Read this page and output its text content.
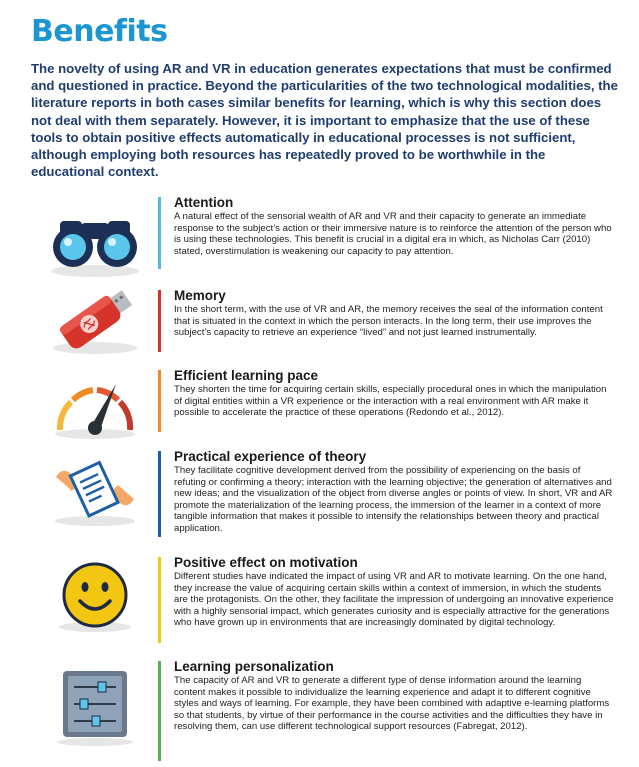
Benefits

The novelty of using AR and VR in education generates expectations that must be confirmed and questioned in practice. Beyond the particularities of the two technological modalities, the literature reports in both cases similar benefits for learning, which is why this section does not deal with them separately. However, it is important to emphasize that the use of these tools to obtain positive effects automatically in educational processes is not sufficient, although employing both resources has repeatedly proved to be worthwhile in the educational context.

Attention

A natural effect of the sensorial wealth of AR and VR and their capacity to generate an immediate response to the subject’s action or their immersive nature is to reinforce the attention of the person who is using these technologies. This benefit is crucial in a digital era in which, as Nicholas Carr (2010) stated, overstimulation is weakening our capacity to pay attention.

Memory

In the short term, with the use of VR and AR, the memory receives the seal of the information content that is situated in the context in which the person interacts. In the long term, their use improves the subject’s capacity to retrieve an experience “lived” and not just learned instrumentally.

Efficient learning pace

They shorten the time for acquiring certain skills, especially procedural ones in which the manipulation of digital entities within a VR experience or the interaction with a real environment with AR make it possible to accelerate the practice of these operations (Redondo et al., 2012).

Practical experience of theory

They facilitate cognitive development derived from the possibility of experiencing on the basis of refuting or confirming a theory; interaction with the learning objective; the generation of alternatives and new ideas; and the visualization of the object from diverse angles or points of view. In short, VR and AR promote the materialization of the learning process, the immersion of the learner in a context of more tangible information that makes it possible to intensify the relationships between theory and practical application.

Positive effect on motivation

Different studies have indicated the impact of using VR and AR to motivate learning. On the one hand, they increase the value of acquiring certain skills within a context of immersion, in which the students are the protagonists. On the other, they facilitate the impression of undergoing an innovative experience with a highly sensorial impact, which generates curiosity and is especially attractive for the generations who have grown up in environments that are increasingly dominated by digital technology.

Learning personalization

The capacity of AR and VR to generate a different type of dense information around the learning content makes it possible to individualize the learning experience and adapt it to different cognitive styles and ways of learning. For example, they have been combined with adaptive e-learning platforms so that students, by virtue of their performance in the course activities and the difficulties they have in resolving them, can use different technological support resources (Fabregat, 2012).
